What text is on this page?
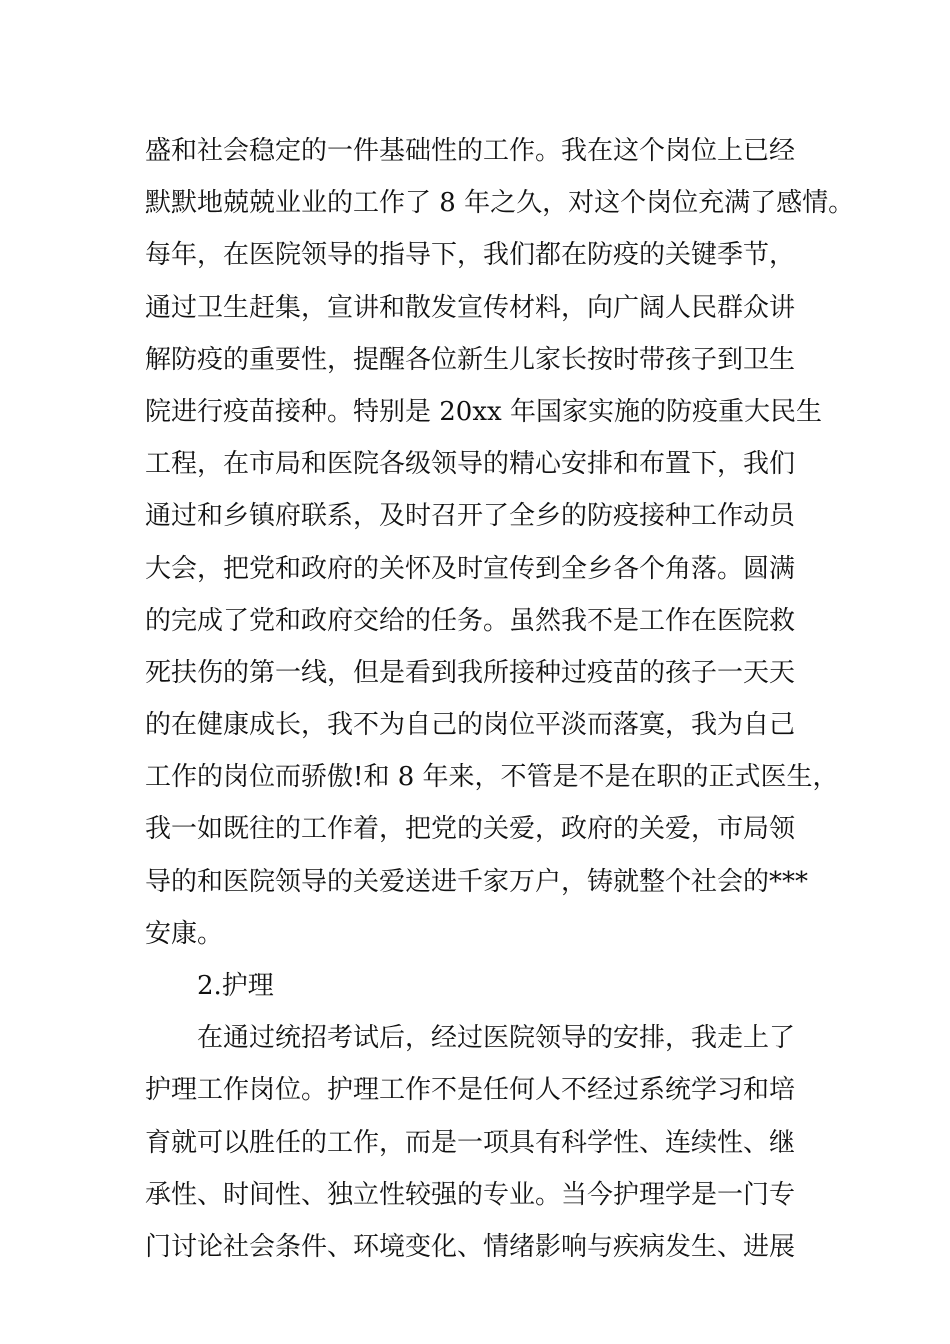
盛和社会稳定的一件基础性的工作。我在这个岗位上已经
默默地兢兢业业的工作了 8 年之久，对这个岗位充满了感情。
每年，在医院领导的指导下，我们都在防疫的关键季节，
通过卫生赶集，宣讲和散发宣传材料，向广阔人民群众讲
解防疫的重要性，提醒各位新生儿家长按时带孩子到卫生
院进行疫苗接种。特别是 20xx 年国家实施的防疫重大民生
工程，在市局和医院各级领导的精心安排和布置下，我们
通过和乡镇府联系，及时召开了全乡的防疫接种工作动员
大会，把党和政府的关怀及时宣传到全乡各个角落。圆满
的完成了党和政府交给的任务。虽然我不是工作在医院救
死扶伤的第一线，但是看到我所接种过疫苗的孩子一天天
的在健康成长，我不为自己的岗位平淡而落寞，我为自己
工作的岗位而骄傲!和 8 年来，不管是不是在职的正式医生，
我一如既往的工作着，把党的关爱，政府的关爱，市局领
导的和医院领导的关爱送进千家万户，铸就整个社会的***
安康。
2.护理
在通过统招考试后，经过医院领导的安排，我走上了
护理工作岗位。护理工作不是任何人不经过系统学习和培
育就可以胜任的工作，而是一项具有科学性、连续性、继
承性、时间性、独立性较强的专业。当今护理学是一门专
门讨论社会条件、环境变化、情绪影响与疾病发生、进展
